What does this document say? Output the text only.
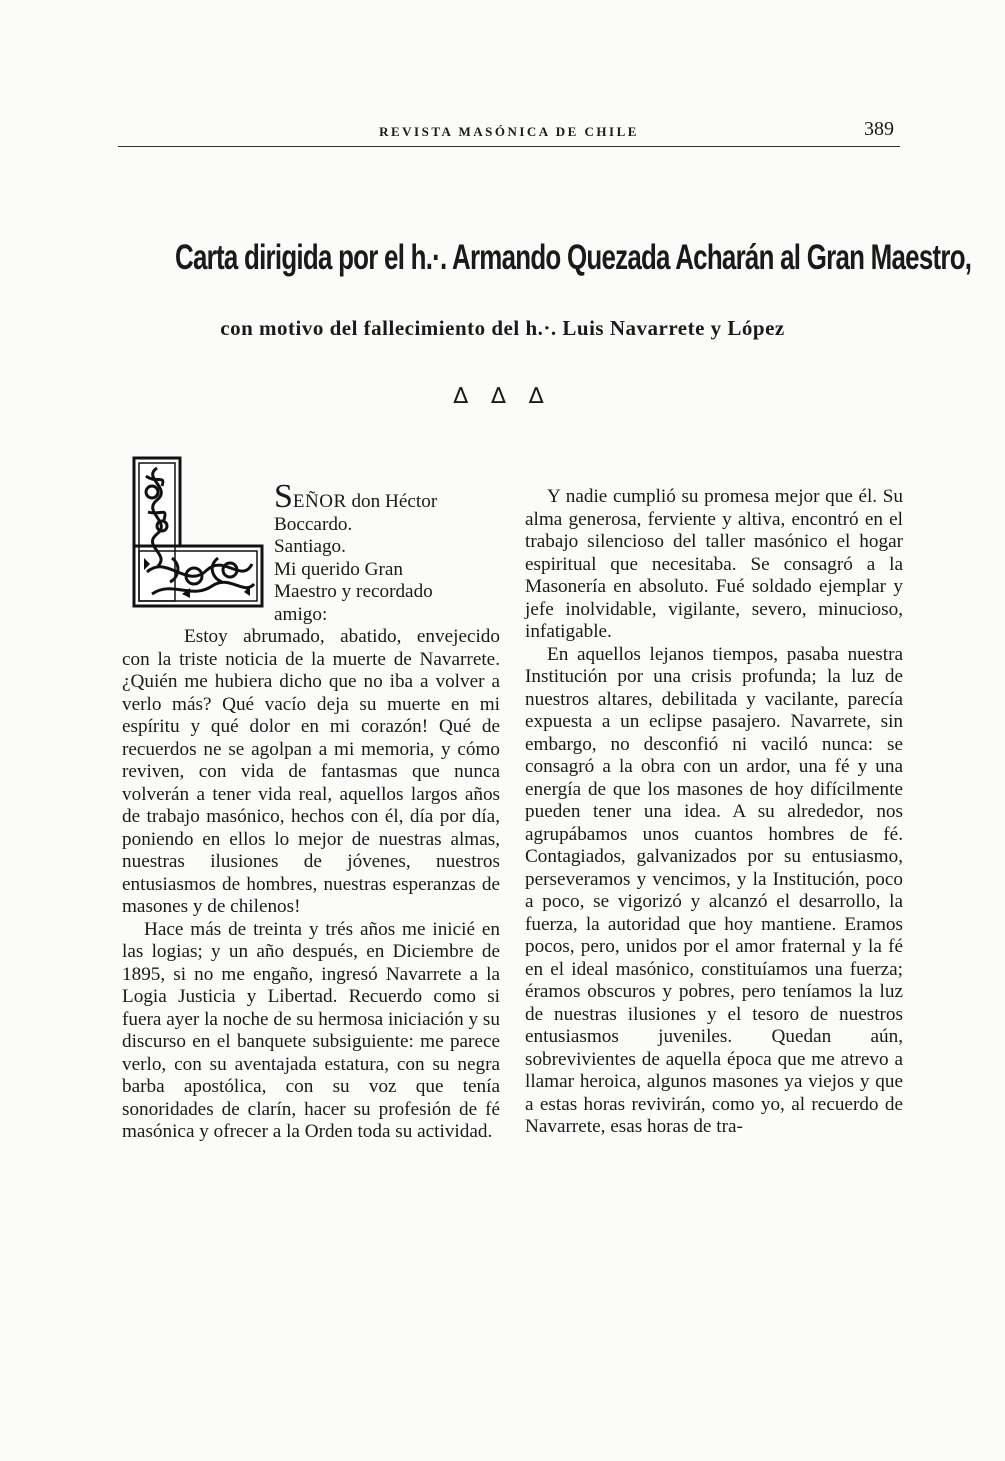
REVISTA MASÓNICA DE CHILE	389
Carta dirigida por el h.·. Armando Quezada Acharán al Gran Maestro,
con motivo del fallecimiento del h.·. Luis Navarrete y López
∆ ∆ ∆

SEÑOR don Héctor Boccardo.
Santiago.
Mi querido Gran
Maestro y recordado
amigo:

Estoy abrumado, abatido, envejecido con la triste noticia de la muerte de Navarrete. ¿Quién me hubiera dicho que no iba a volver a verlo más? Qué vacío deja su muerte en mi espíritu y qué dolor en mi corazón! Qué de recuerdos ne se agolpan a mi memoria, y cómo reviven, con vida de fantasmas que nunca volverán a tener vida real, aquellos largos años de trabajo masónico, hechos con él, día por día, poniendo en ellos lo mejor de nuestras almas, nuestras ilusiones de jóvenes, nuestros entusiasmos de hombres, nuestras esperanzas de masones y de chilenos!

Hace más de treinta y trés años me inicié en las logias; y un año después, en Diciembre de 1895, si no me engaño, ingresó Navarrete a la Logia Justicia y Libertad. Recuerdo como si fuera ayer la noche de su hermosa iniciación y su discurso en el banquete subsiguiente: me parece verlo, con su aventajada estatura, con su negra barba apostólica, con su voz que tenía sonoridades de clarín, hacer su profesión de fé masónica y ofrecer a la Orden toda su actividad.

Y nadie cumplió su promesa mejor que él. Su alma generosa, ferviente y altiva, encontró en el trabajo silencioso del taller masónico el hogar espiritual que necesitaba. Se consagró a la Masonería en absoluto. Fué soldado ejemplar y jefe inolvidable, vigilante, severo, minucioso, infatigable.

En aquellos lejanos tiempos, pasaba nuestra Institución por una crisis profunda; la luz de nuestros altares, debilitada y vacilante, parecía expuesta a un eclipse pasajero. Navarrete, sin embargo, no desconfió ni vaciló nunca: se consagró a la obra con un ardor, una fé y una energía de que los masones de hoy difícilmente pueden tener una idea. A su alrededor, nos agrupábamos unos cuantos hombres de fé. Contagiados, galvanizados por su entusiasmo, perseveramos y vencimos, y la Institución, poco a poco, se vigorizó y alcanzó el desarrollo, la fuerza, la autoridad que hoy mantiene. Eramos pocos, pero, unidos por el amor fraternal y la fé en el ideal masónico, constituíamos una fuerza; éramos obscuros y pobres, pero teníamos la luz de nuestras ilusiones y el tesoro de nuestros entusiasmos juveniles. Quedan aún, sobrevivientes de aquella época que me atrevo a llamar heroica, algunos masones ya viejos y que a estas horas revivirán, como yo, al recuerdo de Navarrete, esas horas de tra-
